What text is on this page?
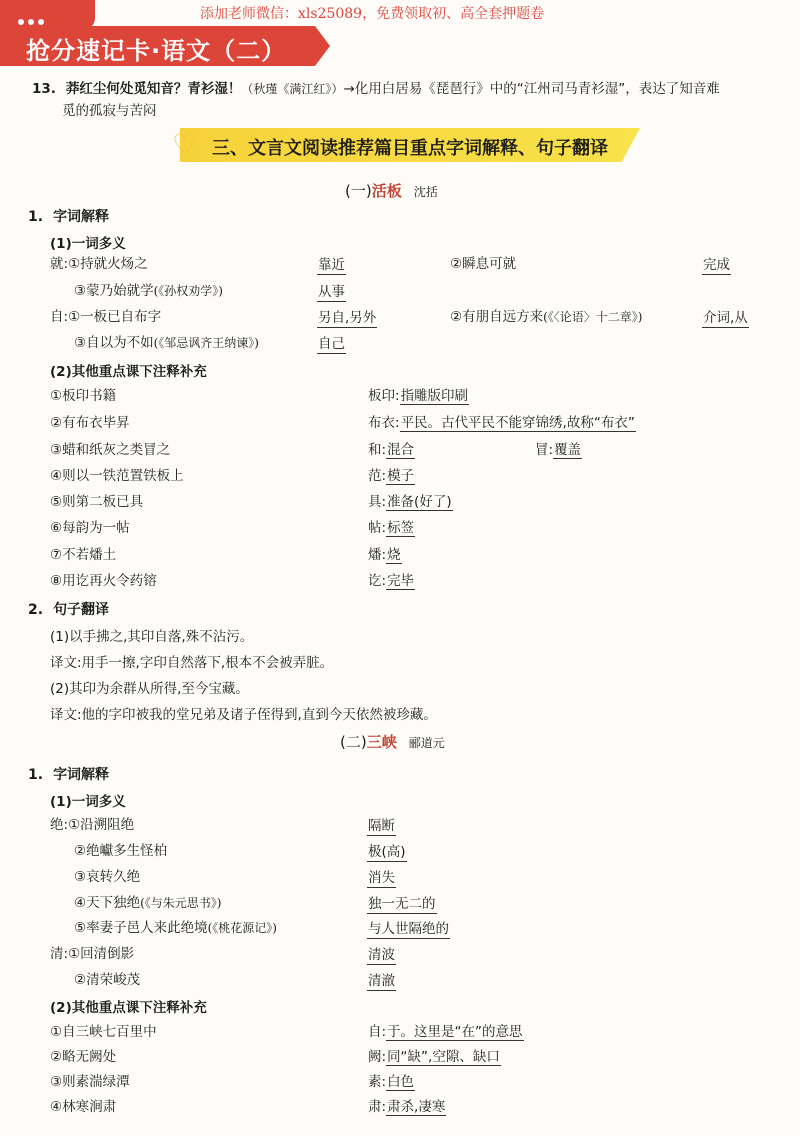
添加老师微信：xls25089，免费领取初、高全套押题卷
抢分速记卡·语文（二）
13. 莽红尘何处觅知音？青衫湿！（秋瑾《满江红》）→化用白居易《琵琶行》中的“江州司马青衫湿”，表达了知音难
觅的孤寂与苦闷
♡ 三、文言文阅读推荐篇目重点字词解释、句子翻译
(一)活板 沈括
1. 字词解释
(1)一词多义
就:①持就火炀之	靠近	②瞬息可就	完成
③蒙乃始就学(《孙权劝学》)	从事
自:①一板已自布字	另自,另外	②有朋自远方来(《〈论语〉十二章》)	介词,从
③自以为不如(《邹忌讽齐王纳谏》)	自己
(2)其他重点课下注释补充
①板印书籍	板印:指雕版印刷
②有布衣毕昇	布衣:平民。古代平民不能穿锦绣,故称“布衣”
③蜡和纸灰之类冒之	和:混合	冒:覆盖
④则以一铁范置铁板上	范:模子
⑤则第二板已具	具:准备(好了)
⑥每韵为一帖	帖:标签
⑦不若燔土	燔:烧
⑧用讫再火令药镕	讫:完毕
2. 句子翻译
(1)以手拂之,其印自落,殊不沾污。
译文:用手一擦,字印自然落下,根本不会被弄脏。
(2)其印为余群从所得,至今宝藏。
译文:他的字印被我的堂兄弟及诸子侄得到,直到今天依然被珍藏。
(二)三峡 郦道元
1. 字词解释
(1)一词多义
绝:①沿溯阻绝	隔断
②绝巘多生怪柏	极(高)
③哀转久绝	消失
④天下独绝(《与朱元思书》)	独一无二的
⑤率妻子邑人来此绝境(《桃花源记》)	与人世隔绝的
清:①回清倒影	清波
②清荣峻茂	清澈
(2)其他重点课下注释补充
①自三峡七百里中	自:于。这里是“在”的意思
②略无阙处	阙:同“缺”,空隙、缺口
③则素湍绿潭	素:白色
④林寒涧肃	肃:肃杀,凄寒
